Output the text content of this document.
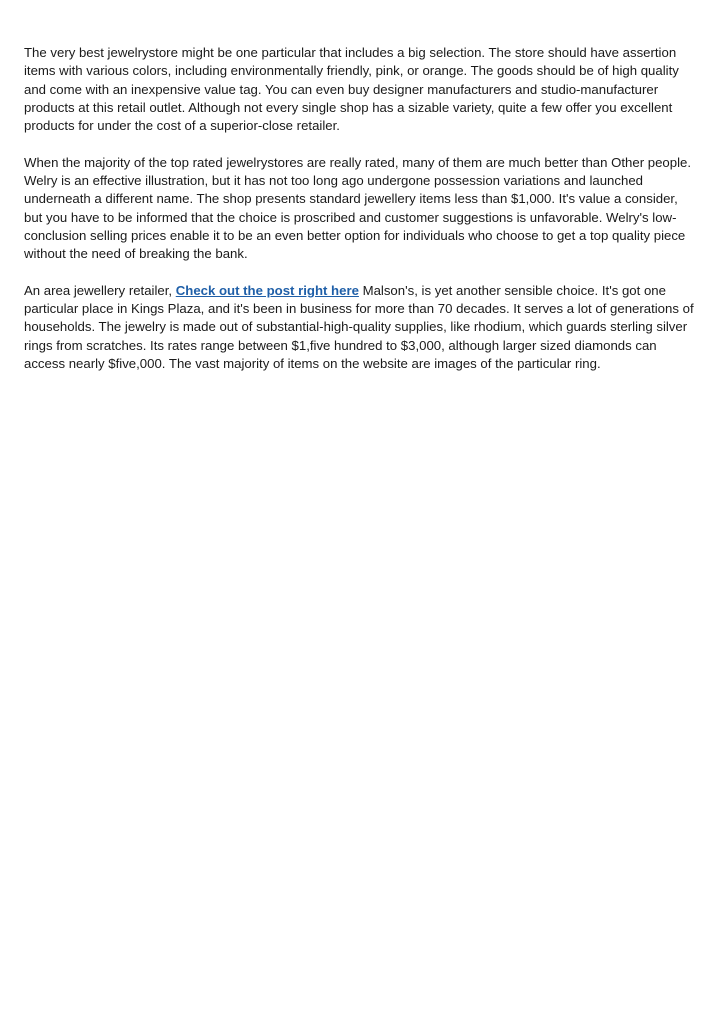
The very best jewelrystore might be one particular that includes a big selection. The store should have assertion items with various colors, including environmentally friendly, pink, or orange. The goods should be of high quality and come with an inexpensive value tag. You can even buy designer manufacturers and studio-manufacturer products at this retail outlet. Although not every single shop has a sizable variety, quite a few offer you excellent products for under the cost of a superior-close retailer.

When the majority of the top rated jewelrystores are really rated, many of them are much better than Other people. Welry is an effective illustration, but it has not too long ago undergone possession variations and launched underneath a different name. The shop presents standard jewellery items less than $1,000. It's value a consider, but you have to be informed that the choice is proscribed and customer suggestions is unfavorable. Welry's low-conclusion selling prices enable it to be an even better option for individuals who choose to get a top quality piece without the need of breaking the bank.

An area jewellery retailer, Check out the post right here Malson's, is yet another sensible choice. It's got one particular place in Kings Plaza, and it's been in business for more than 70 decades. It serves a lot of generations of households. The jewelry is made out of substantial-high-quality supplies, like rhodium, which guards sterling silver rings from scratches. Its rates range between $1,five hundred to $3,000, although larger sized diamonds can access nearly $five,000. The vast majority of items on the website are images of the particular ring.
